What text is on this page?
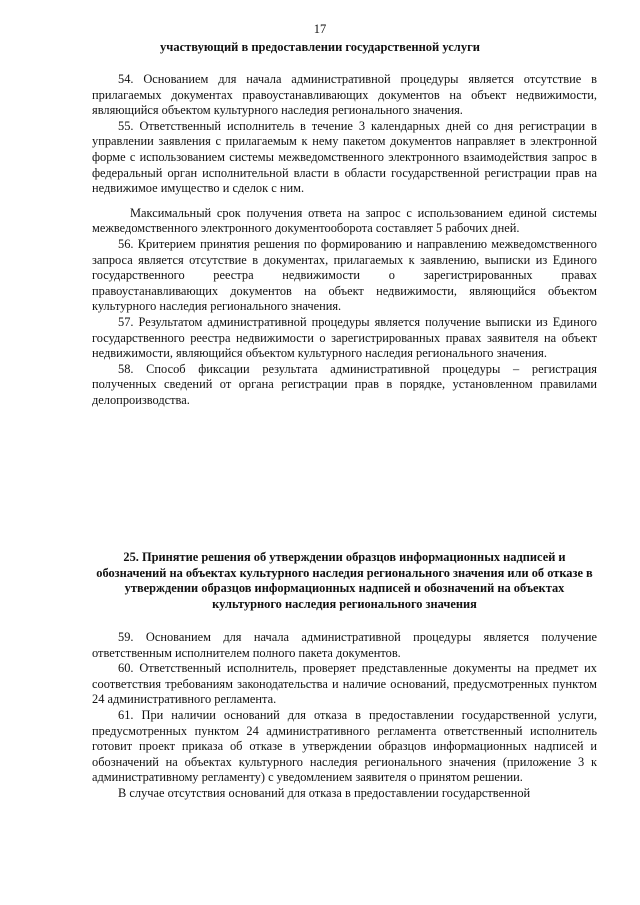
17
участвующий в предоставлении государственной услуги

54. Основанием для начала административной процедуры является отсутствие в прилагаемых документах правоустанавливающих документов на объект недвижимости, являющийся объектом культурного наследия регионального значения.

55. Ответственный исполнитель в течение 3 календарных дней со дня регистрации в управлении заявления с прилагаемым к нему пакетом документов направляет в электронной форме с использованием системы межведомственного электронного взаимодействия запрос в федеральный орган исполнительной власти в области государственной регистрации прав на недвижимое имущество и сделок с ним.

Максимальный срок получения ответа на запрос с использованием единой системы межведомственного электронного документооборота составляет 5 рабочих дней.

56. Критерием принятия решения по формированию и направлению межведомственного запроса является отсутствие в документах, прилагаемых к заявлению, выписки из Единого государственного реестра недвижимости о зарегистрированных правах правоустанавливающих документов на объект недвижимости, являющийся объектом культурного наследия регионального значения.

57. Результатом административной процедуры является получение выписки из Единого государственного реестра недвижимости о зарегистрированных правах заявителя на объект недвижимости, являющийся объектом культурного наследия регионального значения.

58. Способ фиксации результата административной процедуры – регистрация полученных сведений от органа регистрации прав в порядке, установленном правилами делопроизводства.

25. Принятие решения об утверждении образцов информационных надписей и обозначений на объектах культурного наследия регионального значения или об отказе в утверждении образцов информационных надписей и обозначений на объектах культурного наследия регионального значения

59. Основанием для начала административной процедуры является получение ответственным исполнителем полного пакета документов.

60. Ответственный исполнитель, проверяет представленные документы на предмет их соответствия требованиям законодательства и наличие оснований, предусмотренных пунктом 24 административного регламента.

61. При наличии оснований для отказа в предоставлении государственной услуги, предусмотренных пунктом 24 административного регламента ответственный исполнитель готовит проект приказа об отказе в утверждении образцов информационных надписей и обозначений на объектах культурного наследия регионального значения (приложение 3 к административному регламенту) с уведомлением заявителя о принятом решении.

В случае отсутствия оснований для отказа в предоставлении государственной
